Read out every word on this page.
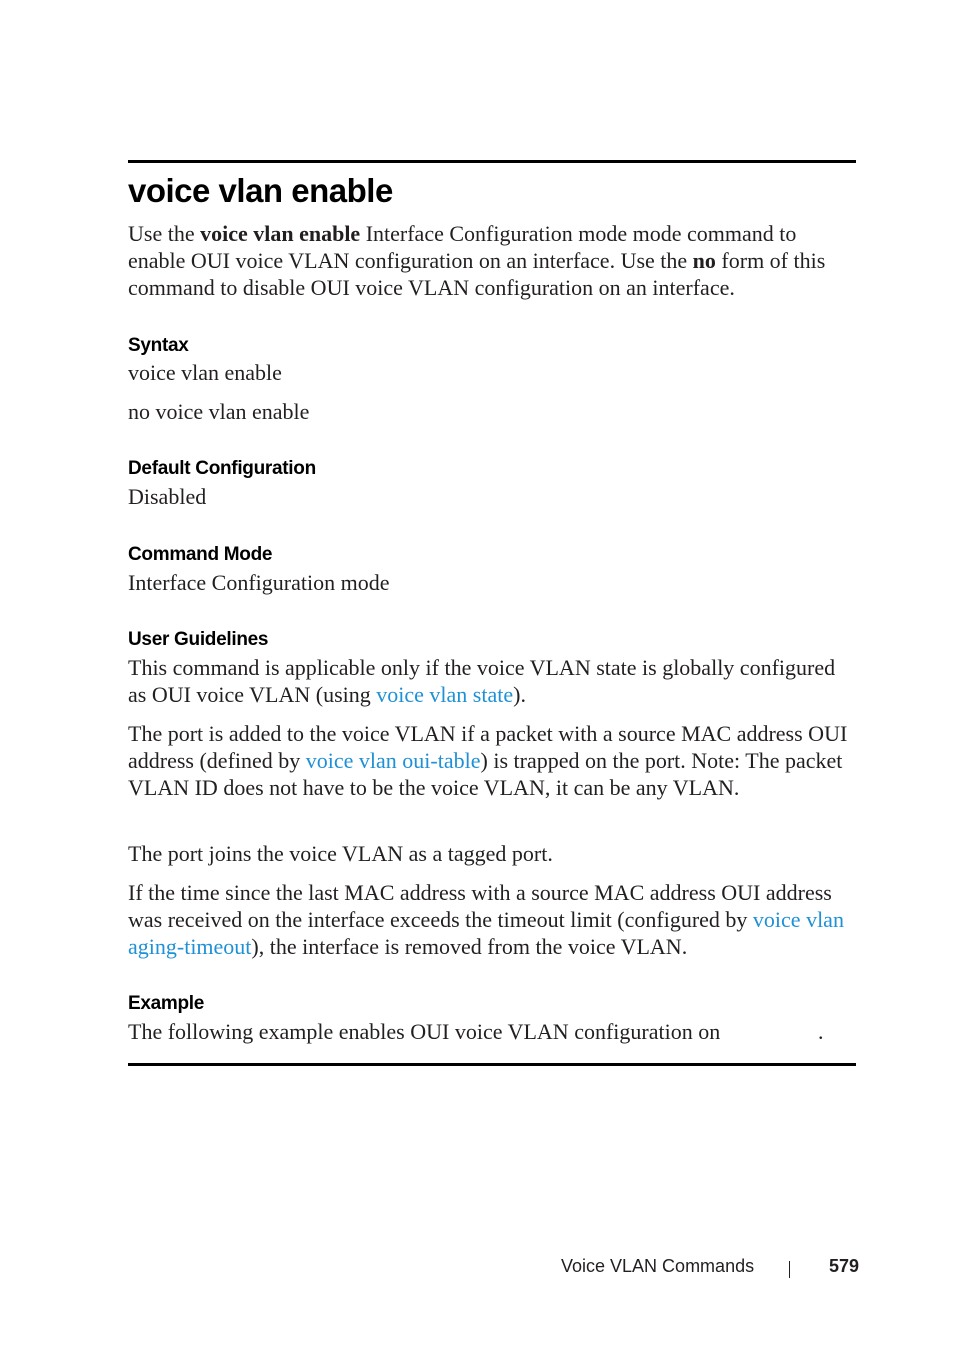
voice vlan enable
Use the voice vlan enable Interface Configuration mode mode command to enable OUI voice VLAN configuration on an interface. Use the no form of this command to disable OUI voice VLAN configuration on an interface.
Syntax
voice vlan enable
no voice vlan enable
Default Configuration
Disabled
Command Mode
Interface Configuration mode
User Guidelines
This command is applicable only if the voice VLAN state is globally configured as OUI voice VLAN (using voice vlan state).
The port is added to the voice VLAN if a packet with a source MAC address OUI address (defined by voice vlan oui-table) is trapped on the port. Note: The packet VLAN ID does not have to be the voice VLAN, it can be any VLAN.
The port joins the voice VLAN as a tagged port.
If the time since the last MAC address with a source MAC address OUI address was received on the interface exceeds the timeout limit (configured by voice vlan aging-timeout), the interface is removed from the voice VLAN.
Example
The following example enables OUI voice VLAN configuration on	.
Voice VLAN Commands	579
